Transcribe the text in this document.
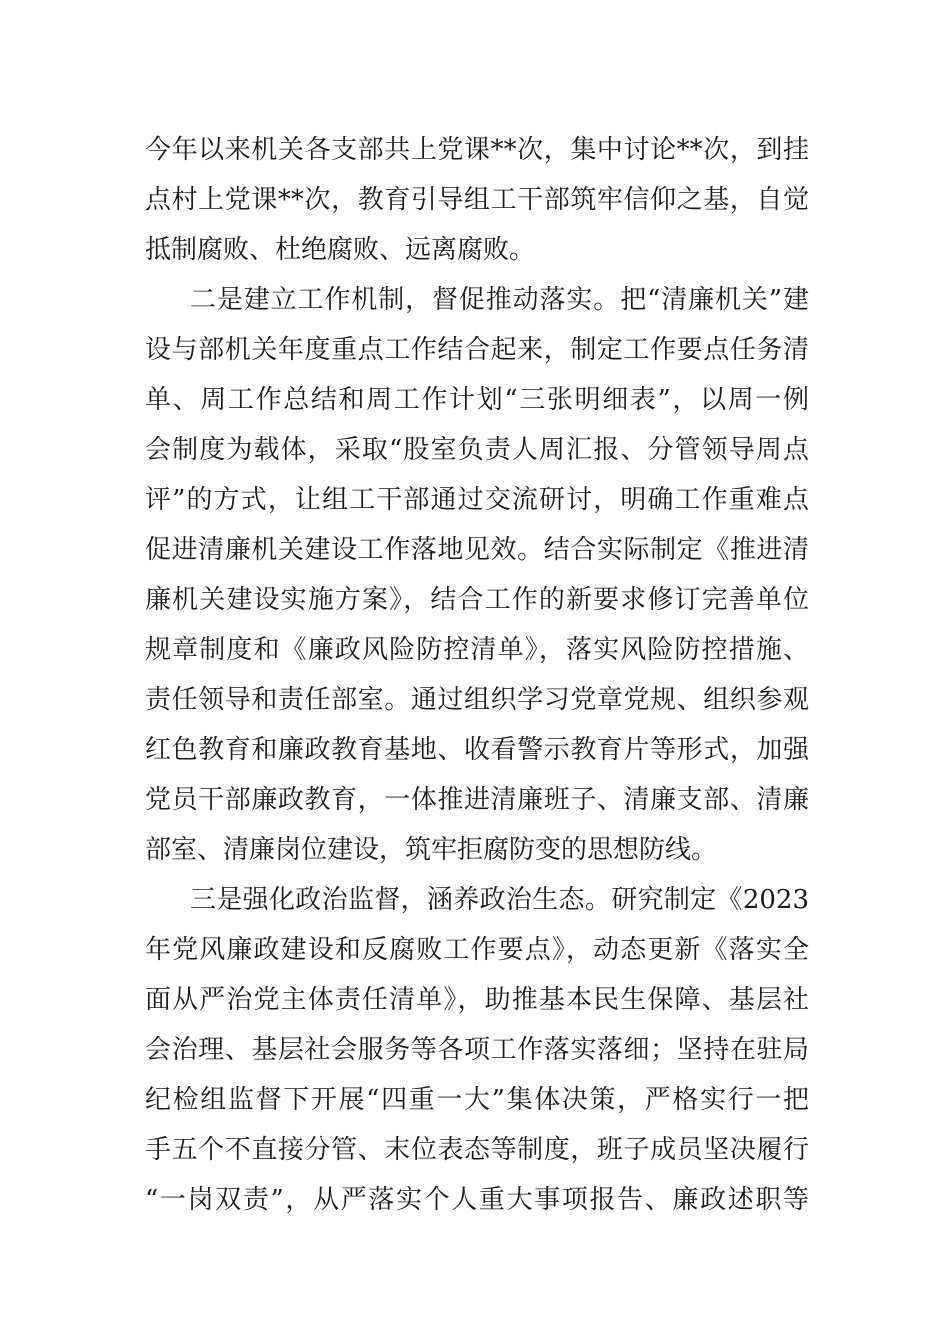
今年以来机关各支部共上党课**次，集中讨论**次，到挂
点村上党课**次，教育引导组工干部筑牢信仰之基，自觉
抵制腐败、杜绝腐败、远离腐败。
二是建立工作机制，督促推动落实。把“清廉机关”建
设与部机关年度重点工作结合起来，制定工作要点任务清
单、周工作总结和周工作计划“三张明细表”，以周一例
会制度为载体，采取“股室负责人周汇报、分管领导周点
评”的方式，让组工干部通过交流研讨，明确工作重难点
促进清廉机关建设工作落地见效。结合实际制定《推进清
廉机关建设实施方案》，结合工作的新要求修订完善单位
规章制度和《廉政风险防控清单》，落实风险防控措施、
责任领导和责任部室。通过组织学习党章党规、组织参观
红色教育和廉政教育基地、收看警示教育片等形式，加强
党员干部廉政教育，一体推进清廉班子、清廉支部、清廉
部室、清廉岗位建设，筑牢拒腐防变的思想防线。
三是强化政治监督，涵养政治生态。研究制定《2023
年党风廉政建设和反腐败工作要点》，动态更新《落实全
面从严治党主体责任清单》，助推基本民生保障、基层社
会治理、基层社会服务等各项工作落实落细；坚持在驻局
纪检组监督下开展“四重一大”集体决策，严格实行一把
手五个不直接分管、末位表态等制度，班子成员坚决履行
“一岗双责”，从严落实个人重大事项报告、廉政述职等
